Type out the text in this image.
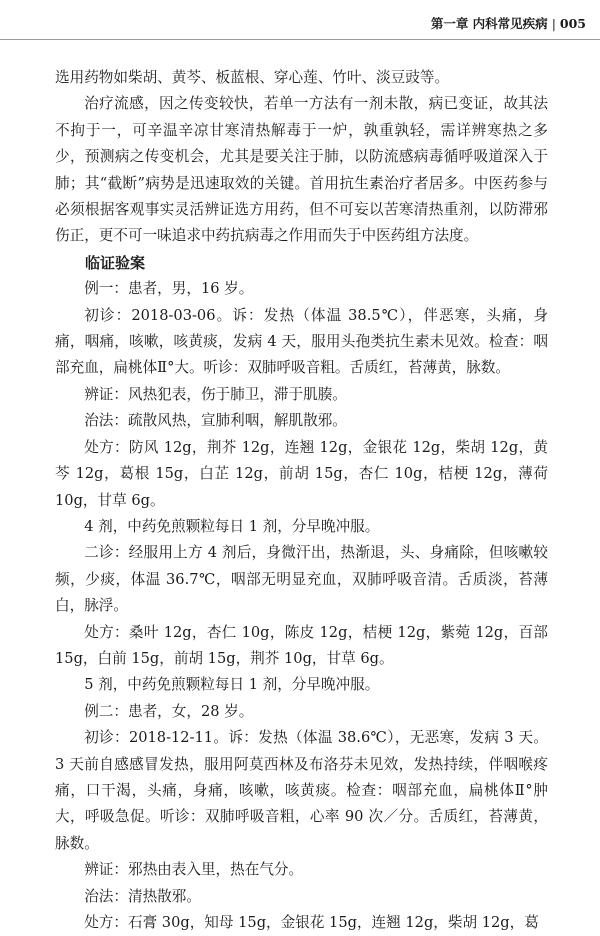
第一章 内科常见疾病 | 005

选用药物如柴胡、黄芩、板蓝根、穿心莲、竹叶、淡豆豉等。

治疗流感，因之传变较快，若单一方法有一剂未散，病已变证，故其法不拘于一，可辛温辛凉甘寒清热解毒于一炉，孰重孰轻，需详辨寒热之多少，预测病之传变机会，尤其是要关注于肺，以防流感病毒循呼吸道深入于肺；其“截断”病势是迅速取效的关键。首用抗生素治疗者居多。中医药参与必须根据客观事实灵活辨证选方用药，但不可妄以苦寒清热重剂，以防滞邪伤正，更不可一味追求中药抗病毒之作用而失于中医药组方法度。

临证验案

例一：患者，男，16 岁。

初诊：2018-03-06。诉：发热（体温 38.5℃），伴恶寒，头痛，身痛，咽痛，咳嗽，咳黄痰，发病 4 天，服用头孢类抗生素未见效。检查：咽部充血，扁桃体Ⅱ°大。听诊：双肺呼吸音粗。舌质红，苔薄黄，脉数。

辨证：风热犯表，伤于肺卫，滞于肌腠。

治法：疏散风热，宣肺利咽，解肌散邪。

处方：防风 12g，荆芥 12g，连翘 12g，金银花 12g，柴胡 12g，黄芩 12g，葛根 15g，白芷 12g，前胡 15g，杏仁 10g，桔梗 12g，薄荷 10g，甘草 6g。

4 剂，中药免煎颗粒每日 1 剂，分早晚冲服。

二诊：经服用上方 4 剂后，身微汗出，热渐退，头、身痛除，但咳嗽较频，少痰，体温 36.7℃，咽部无明显充血，双肺呼吸音清。舌质淡，苔薄白，脉浮。

处方：桑叶 12g，杏仁 10g，陈皮 12g，桔梗 12g，紫菀 12g，百部 15g，白前 15g，前胡 15g，荆芥 10g，甘草 6g。

5 剂，中药免煎颗粒每日 1 剂，分早晚冲服。

例二：患者，女，28 岁。

初诊：2018-12-11。诉：发热（体温 38.6℃），无恶寒，发病 3 天。3 天前自感感冒发热，服用阿莫西林及布洛芬未见效，发热持续，伴咽喉疼痛，口干渴，头痛，身痛，咳嗽，咳黄痰。检查：咽部充血，扁桃体Ⅱ°肿大，呼吸急促。听诊：双肺呼吸音粗，心率 90 次／分。舌质红，苔薄黄，脉数。

辨证：邪热由表入里，热在气分。

治法：清热散邪。

处方：石膏 30g，知母 15g，金银花 15g，连翘 12g，柴胡 12g，葛
